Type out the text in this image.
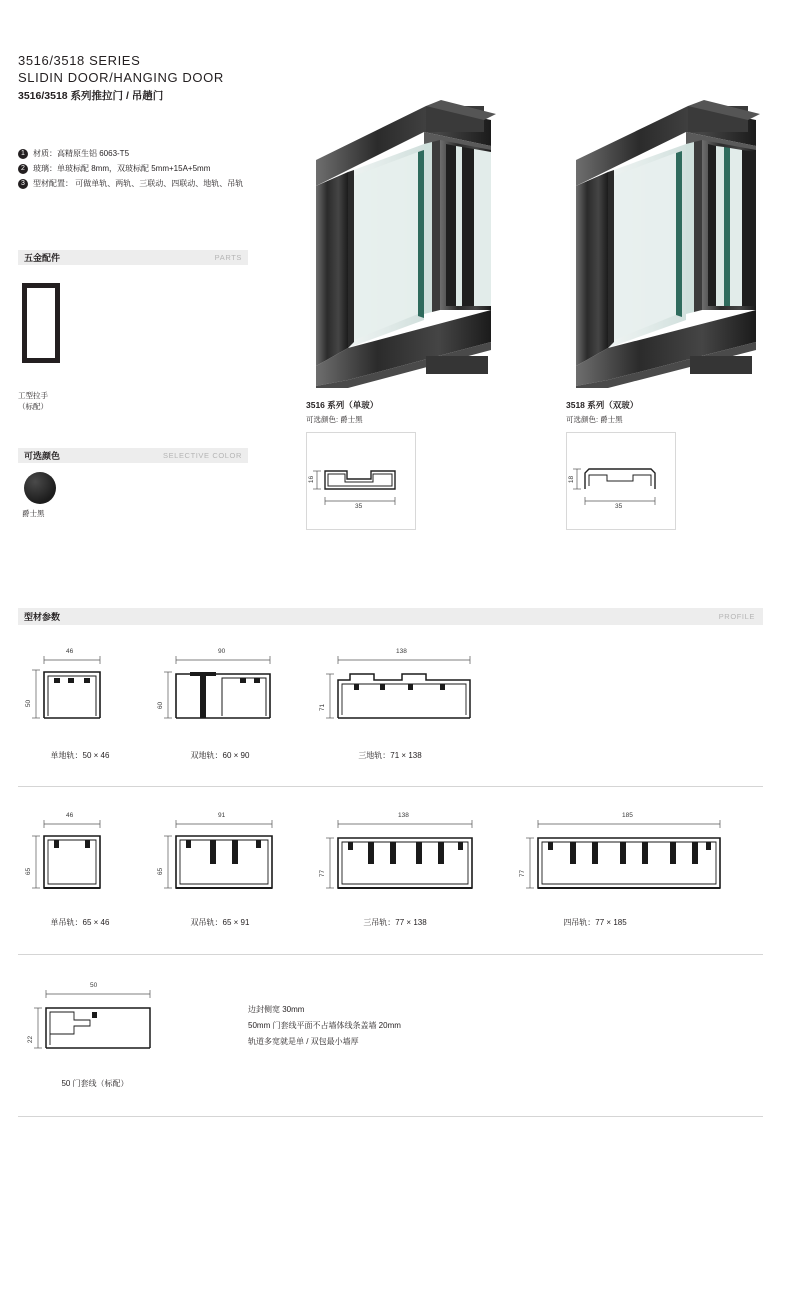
3516/3518 SERIES
SLIDIN DOOR/HANGING DOOR
3516/3518 系列推拉门 / 吊趟门
1	材质：高精原生铝 6063-T5
2	玻璃：单玻标配 8mm，双玻标配 5mm+15A+5mm
3	型材配置： 可做单轨、两轨、三联动、四联动、地轨、吊轨
五金配件	PARTS
工型拉手
（标配）
可选颜色	SELECTIVE COLOR
爵士黑
3516 系列（单玻）
可选颜色: 爵士黑
35
16
3518 系列（双玻）
可选颜色: 爵士黑
35
18
型材参数	PROFILE
46
50
单地轨：50 × 46
90
60
双地轨：60 × 90
138
71
三地轨：71 × 138
46
65
单吊轨：65 × 46
91
65
双吊轨：65 × 91
138
77
三吊轨：77 × 138
185
77
四吊轨：77 × 185
50
22
50 门套线（标配）
边封侧宽 30mm
50mm 门套线平面不占墙体线条盖墙 20mm
轨道多宽就是单 / 双包最小墙厚
